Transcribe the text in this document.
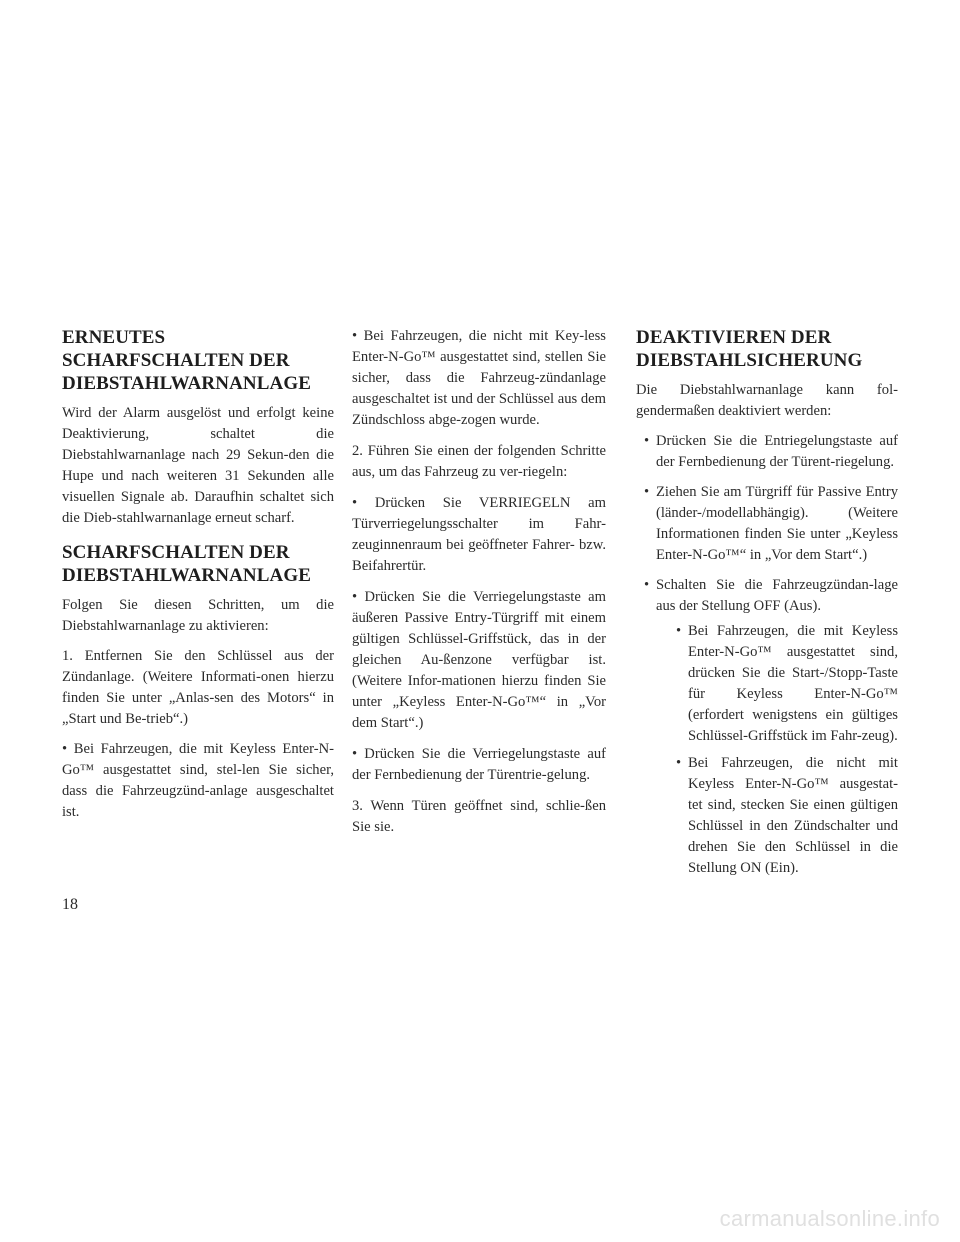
ERNEUTES SCHARFSCHALTEN DER DIEBSTAHLWARNANLAGE

Wird der Alarm ausgelöst und erfolgt keine Deaktivierung, schaltet die Diebstahlwarnanlage nach 29 Sekun-den die Hupe und nach weiteren 31 Sekunden alle visuellen Signale ab. Daraufhin schaltet sich die Dieb-stahlwarnanlage erneut scharf.

SCHARFSCHALTEN DER DIEBSTAHLWARNANLAGE

Folgen Sie diesen Schritten, um die Diebstahlwarnanlage zu aktivieren:

1. Entfernen Sie den Schlüssel aus der Zündanlage. (Weitere Informati-onen hierzu finden Sie unter „Anlas-sen des Motors“ in „Start und Be-trieb“.)

• Bei Fahrzeugen, die mit Keyless Enter-N-Go™ ausgestattet sind, stel-len Sie sicher, dass die Fahrzeugzünd-anlage ausgeschaltet ist.

• Bei Fahrzeugen, die nicht mit Key-less Enter-N-Go™ ausgestattet sind, stellen Sie sicher, dass die Fahrzeug-zündanlage ausgeschaltet ist und der Schlüssel aus dem Zündschloss abge-zogen wurde.

2. Führen Sie einen der folgenden Schritte aus, um das Fahrzeug zu ver-riegeln:

• Drücken Sie VERRIEGELN am Türverriegelungsschalter im Fahr-zeuginnenraum bei geöffneter Fahrer- bzw. Beifahrertür.

• Drücken Sie die Verriegelungstaste am äußeren Passive Entry-Türgriff mit einem gültigen Schlüssel-Griffstück, das in der gleichen Au-ßenzone verfügbar ist. (Weitere Infor-mationen hierzu finden Sie unter „Keyless Enter-N-Go™“ in „Vor dem Start“.)

• Drücken Sie die Verriegelungstaste auf der Fernbedienung der Türentrie-gelung.

3. Wenn Türen geöffnet sind, schlie-ßen Sie sie.

DEAKTIVIEREN DER DIEBSTAHLSICHERUNG

Die Diebstahlwarnanlage kann fol-gendermaßen deaktiviert werden:

• Drücken Sie die Entriegelungstaste auf der Fernbedienung der Türent-riegelung.
• Ziehen Sie am Türgriff für Passive Entry (länder-/modellabhängig). (Weitere Informationen finden Sie unter „Keyless Enter-N-Go™“ in „Vor dem Start“.)
• Schalten Sie die Fahrzeugzündan-lage aus der Stellung OFF (Aus).
• Bei Fahrzeugen, die mit Keyless Enter-N-Go™ ausgestattet sind, drücken Sie die Start-/Stopp-Taste für Keyless Enter-N-Go™ (erfordert wenigstens ein gültiges Schlüssel-Griffstück im Fahr-zeug).
• Bei Fahrzeugen, die nicht mit Keyless Enter-N-Go™ ausgestat-tet sind, stecken Sie einen gültigen Schlüssel in den Zündschalter und drehen Sie den Schlüssel in die Stellung ON (Ein).
18
carmanualsonline.info
